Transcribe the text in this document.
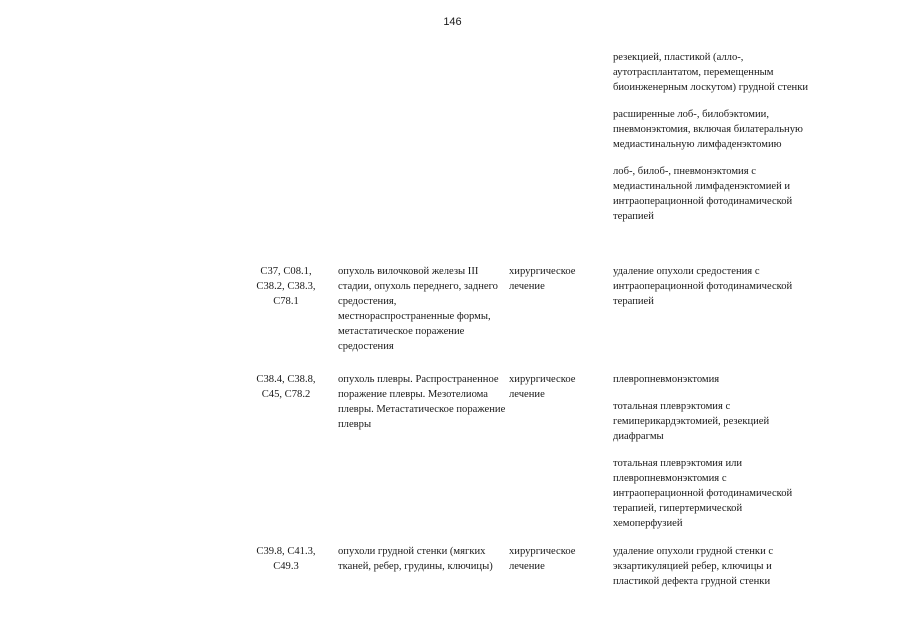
146
резекцией, пластикой (алло-, аутотрасплантатом, перемещенным биоинженерным лоскутом) грудной стенки
расширенные лоб-, билобэктомии, пневмонэктомия, включая билатеральную медиастинальную лимфаденэктомию
лоб-, билоб-, пневмонэктомия с медиастинальной лимфаденэктомией и интраоперационной фотодинамической терапией
C37, C08.1, C38.2, C38.3, C78.1
опухоль вилочковой железы III стадии, опухоль переднего, заднего средостения, местнораспространенные формы, метастатическое поражение средостения
хирургическое лечение
удаление опухоли средостения с интраоперационной фотодинамической терапией
C38.4, C38.8, C45, C78.2
опухоль плевры. Распространенное поражение плевры. Мезотелиома плевры. Метастатическое поражение плевры
хирургическое лечение
плевропневмонэктомия
тотальная плеврэктомия с гемиперикардэктомией, резекцией диафрагмы
тотальная плеврэктомия или плевропневмонэктомия с интраоперационной фотодинамической терапией, гипертермической хемоперфузией
C39.8, C41.3, C49.3
опухоли грудной стенки (мягких тканей, ребер, грудины, ключицы)
хирургическое лечение
удаление опухоли грудной стенки с экзартикуляцией ребер, ключицы и пластикой дефекта грудной стенки
